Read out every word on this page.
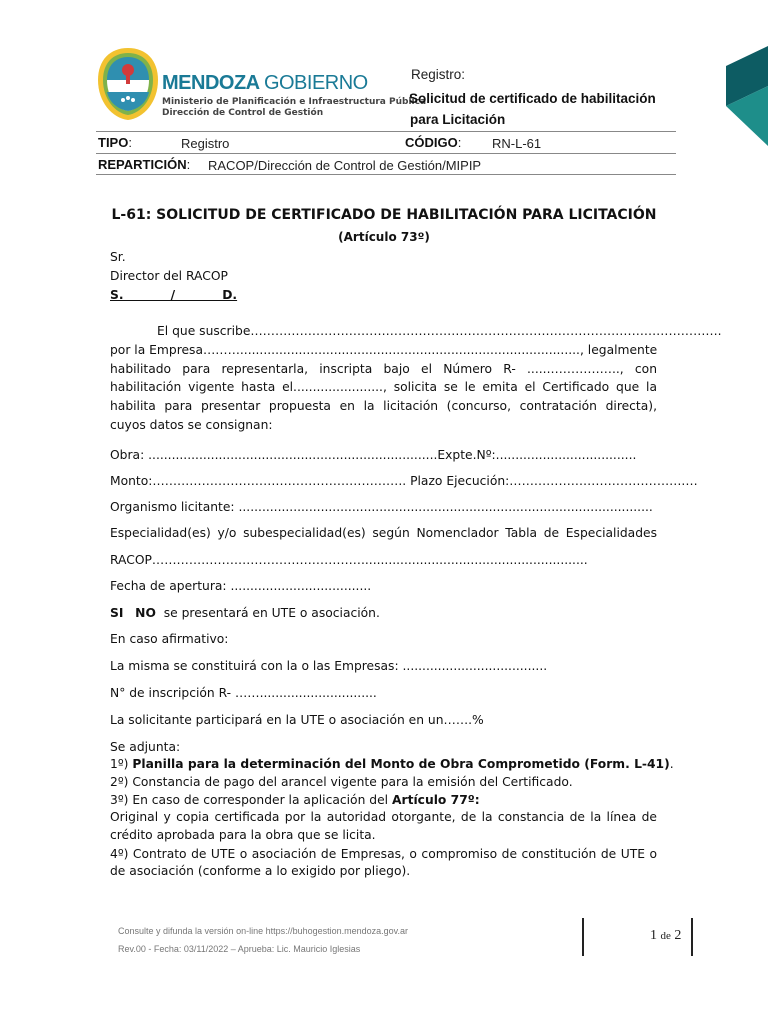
MENDOZA GOBIERNO
Ministerio de Planificación e Infraestructura Pública
Dirección de Control de Gestión
Registro:
Solicitud de certificado de habilitación
para Licitación
TIPO:	Registro	CÓDIGO: RN-L-61
REPARTICIÓN: RACOP/Dirección de Control de Gestión/MIPIP
L-61: SOLICITUD DE CERTIFICADO DE HABILITACIÓN PARA LICITACIÓN
(Artículo 73º)
Sr.
Director del RACOP
S.           /           D.
El que suscribe…………………………………………………………………………………………………….
por la Empresa………......................................................................................., legalmente
habilitado para representarla, inscripta bajo el Número R- ......…………….., con
habilitación vigente hasta el......................., solicita se le emita el Certificado que la
habilita para presentar propuesta en la licitación (concurso, contratación directa),
cuyos datos se consignan:
Obra: ..........................................................................Expte.Nº:....................................
Monto:…………………………………………………….. Plazo Ejecución:…………………………………….…
Organismo licitante: ..........................................................................................................
Especialidad(es) y/o subespecialidad(es) según Nomenclador Tabla de Especialidades
RACOP……………………………………………..........................................................
Fecha de apertura: ....................................
SI NO se presentará en UTE o asociación.
En caso afirmativo:
La misma se constituirá con la o las Empresas: .....................................
N° de inscripción R- ……..............................
La solicitante participará en la UTE o asociación en un…….%
Se adjunta:
1º) Planilla para la determinación del Monto de Obra Comprometido (Form. L-41).
2º) Constancia de pago del arancel vigente para la emisión del Certificado.
3º) En caso de corresponder la aplicación del Artículo 77º:
Original y copia certificada por la autoridad otorgante, de la constancia de la línea de
crédito aprobada para la obra que se licita.
4º) Contrato de UTE o asociación de Empresas, o compromiso de constitución de UTE o
de asociación (conforme a lo exigido por pliego).
Consulte y difunda la versión on-line https://buhogestion.mendoza.gov.ar
Rev.00 - Fecha: 03/11/2022 – Aprueba: Lic. Mauricio Iglesias
1 de 2
